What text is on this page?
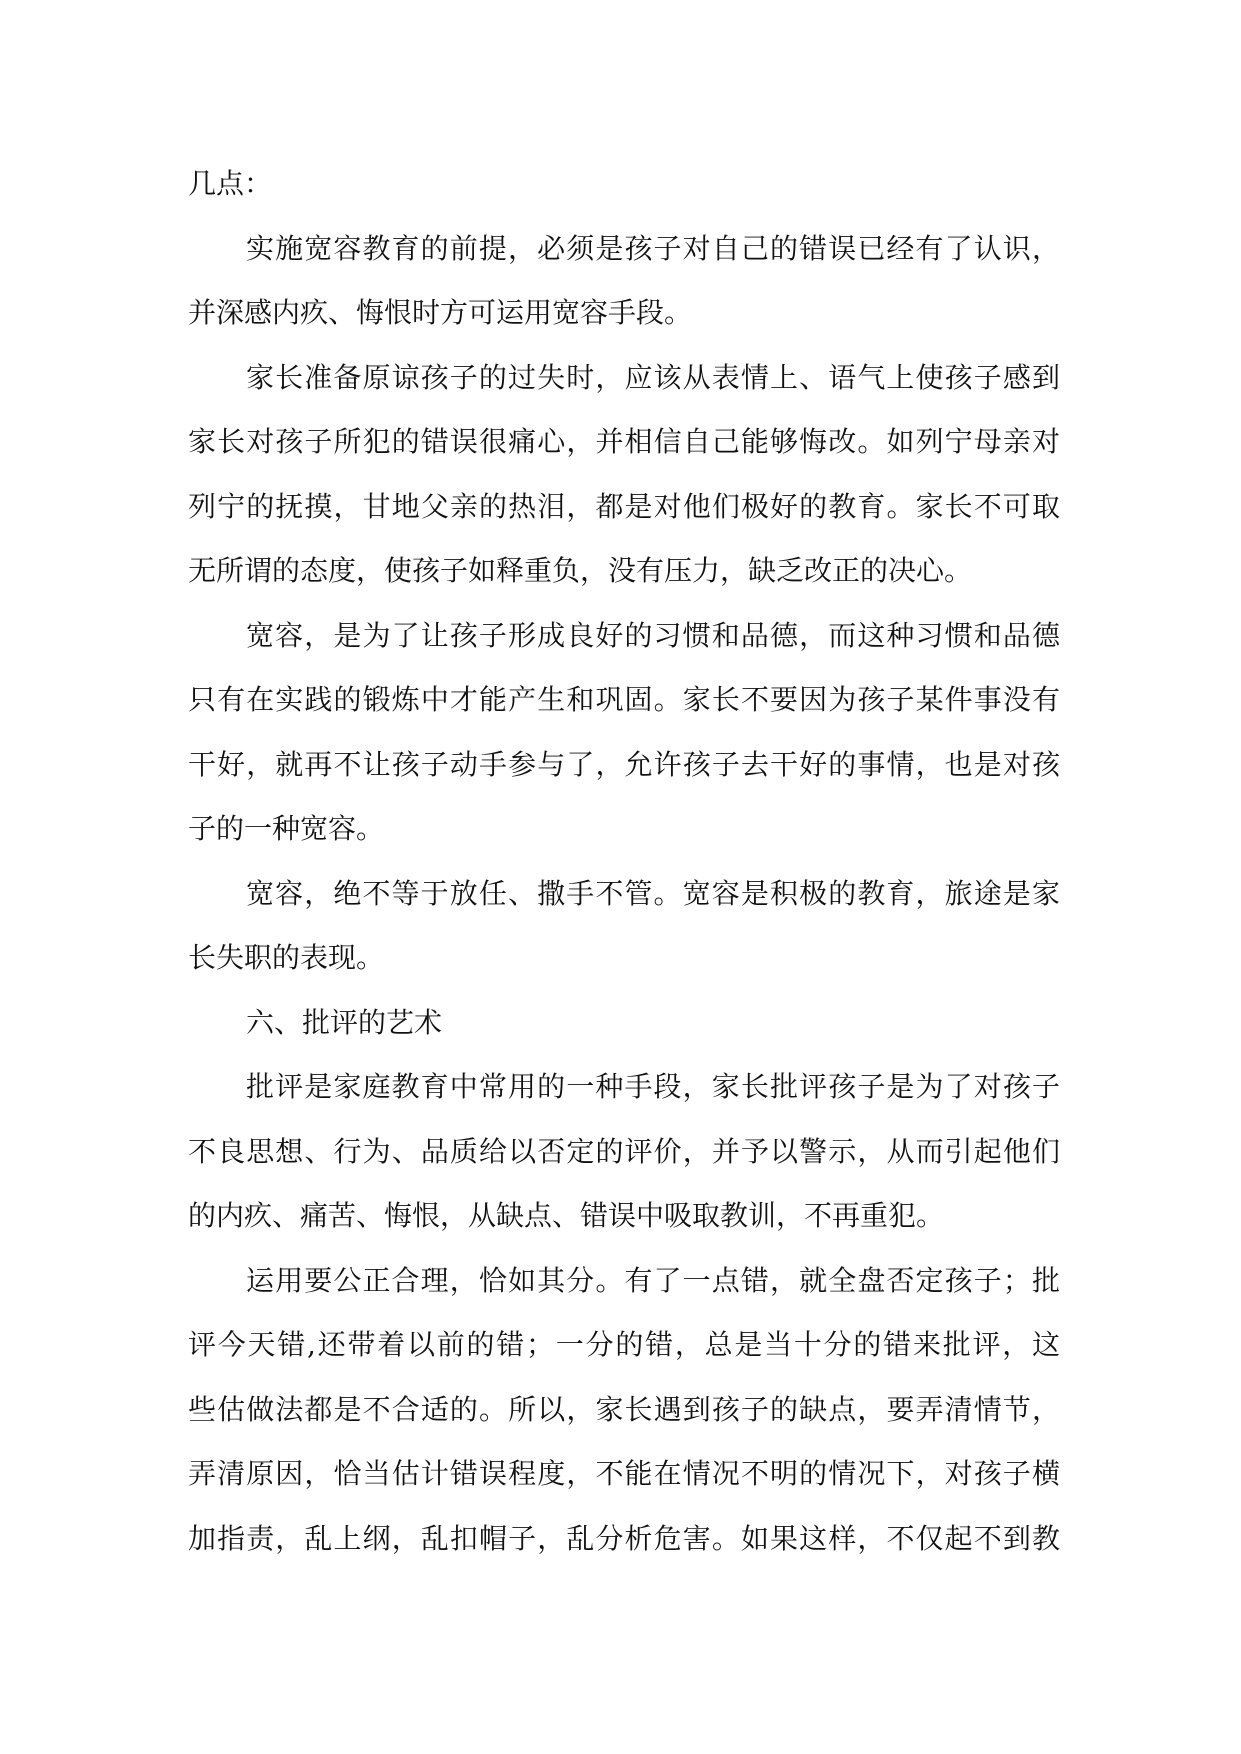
几点：
实施宽容教育的前提，必须是孩子对自己的错误已经有了认识，
并深感内疚、悔恨时方可运用宽容手段。
家长准备原谅孩子的过失时，应该从表情上、语气上使孩子感到
家长对孩子所犯的错误很痛心，并相信自己能够悔改。如列宁母亲对
列宁的抚摸，甘地父亲的热泪，都是对他们极好的教育。家长不可取
无所谓的态度，使孩子如释重负，没有压力，缺乏改正的决心。
宽容，是为了让孩子形成良好的习惯和品德，而这种习惯和品德
只有在实践的锻炼中才能产生和巩固。家长不要因为孩子某件事没有
干好，就再不让孩子动手参与了，允许孩子去干好的事情，也是对孩
子的一种宽容。
宽容，绝不等于放任、撒手不管。宽容是积极的教育，旅途是家
长失职的表现。
六、批评的艺术
批评是家庭教育中常用的一种手段，家长批评孩子是为了对孩子
不良思想、行为、品质给以否定的评价，并予以警示，从而引起他们
的内疚、痛苦、悔恨，从缺点、错误中吸取教训，不再重犯。
运用要公正合理，恰如其分。有了一点错，就全盘否定孩子；批
评今天错,还带着以前的错；一分的错，总是当十分的错来批评，这
些估做法都是不合适的。所以，家长遇到孩子的缺点，要弄清情节，
弄清原因，恰当估计错误程度，不能在情况不明的情况下，对孩子横
加指责，乱上纲，乱扣帽子，乱分析危害。如果这样，不仅起不到教
